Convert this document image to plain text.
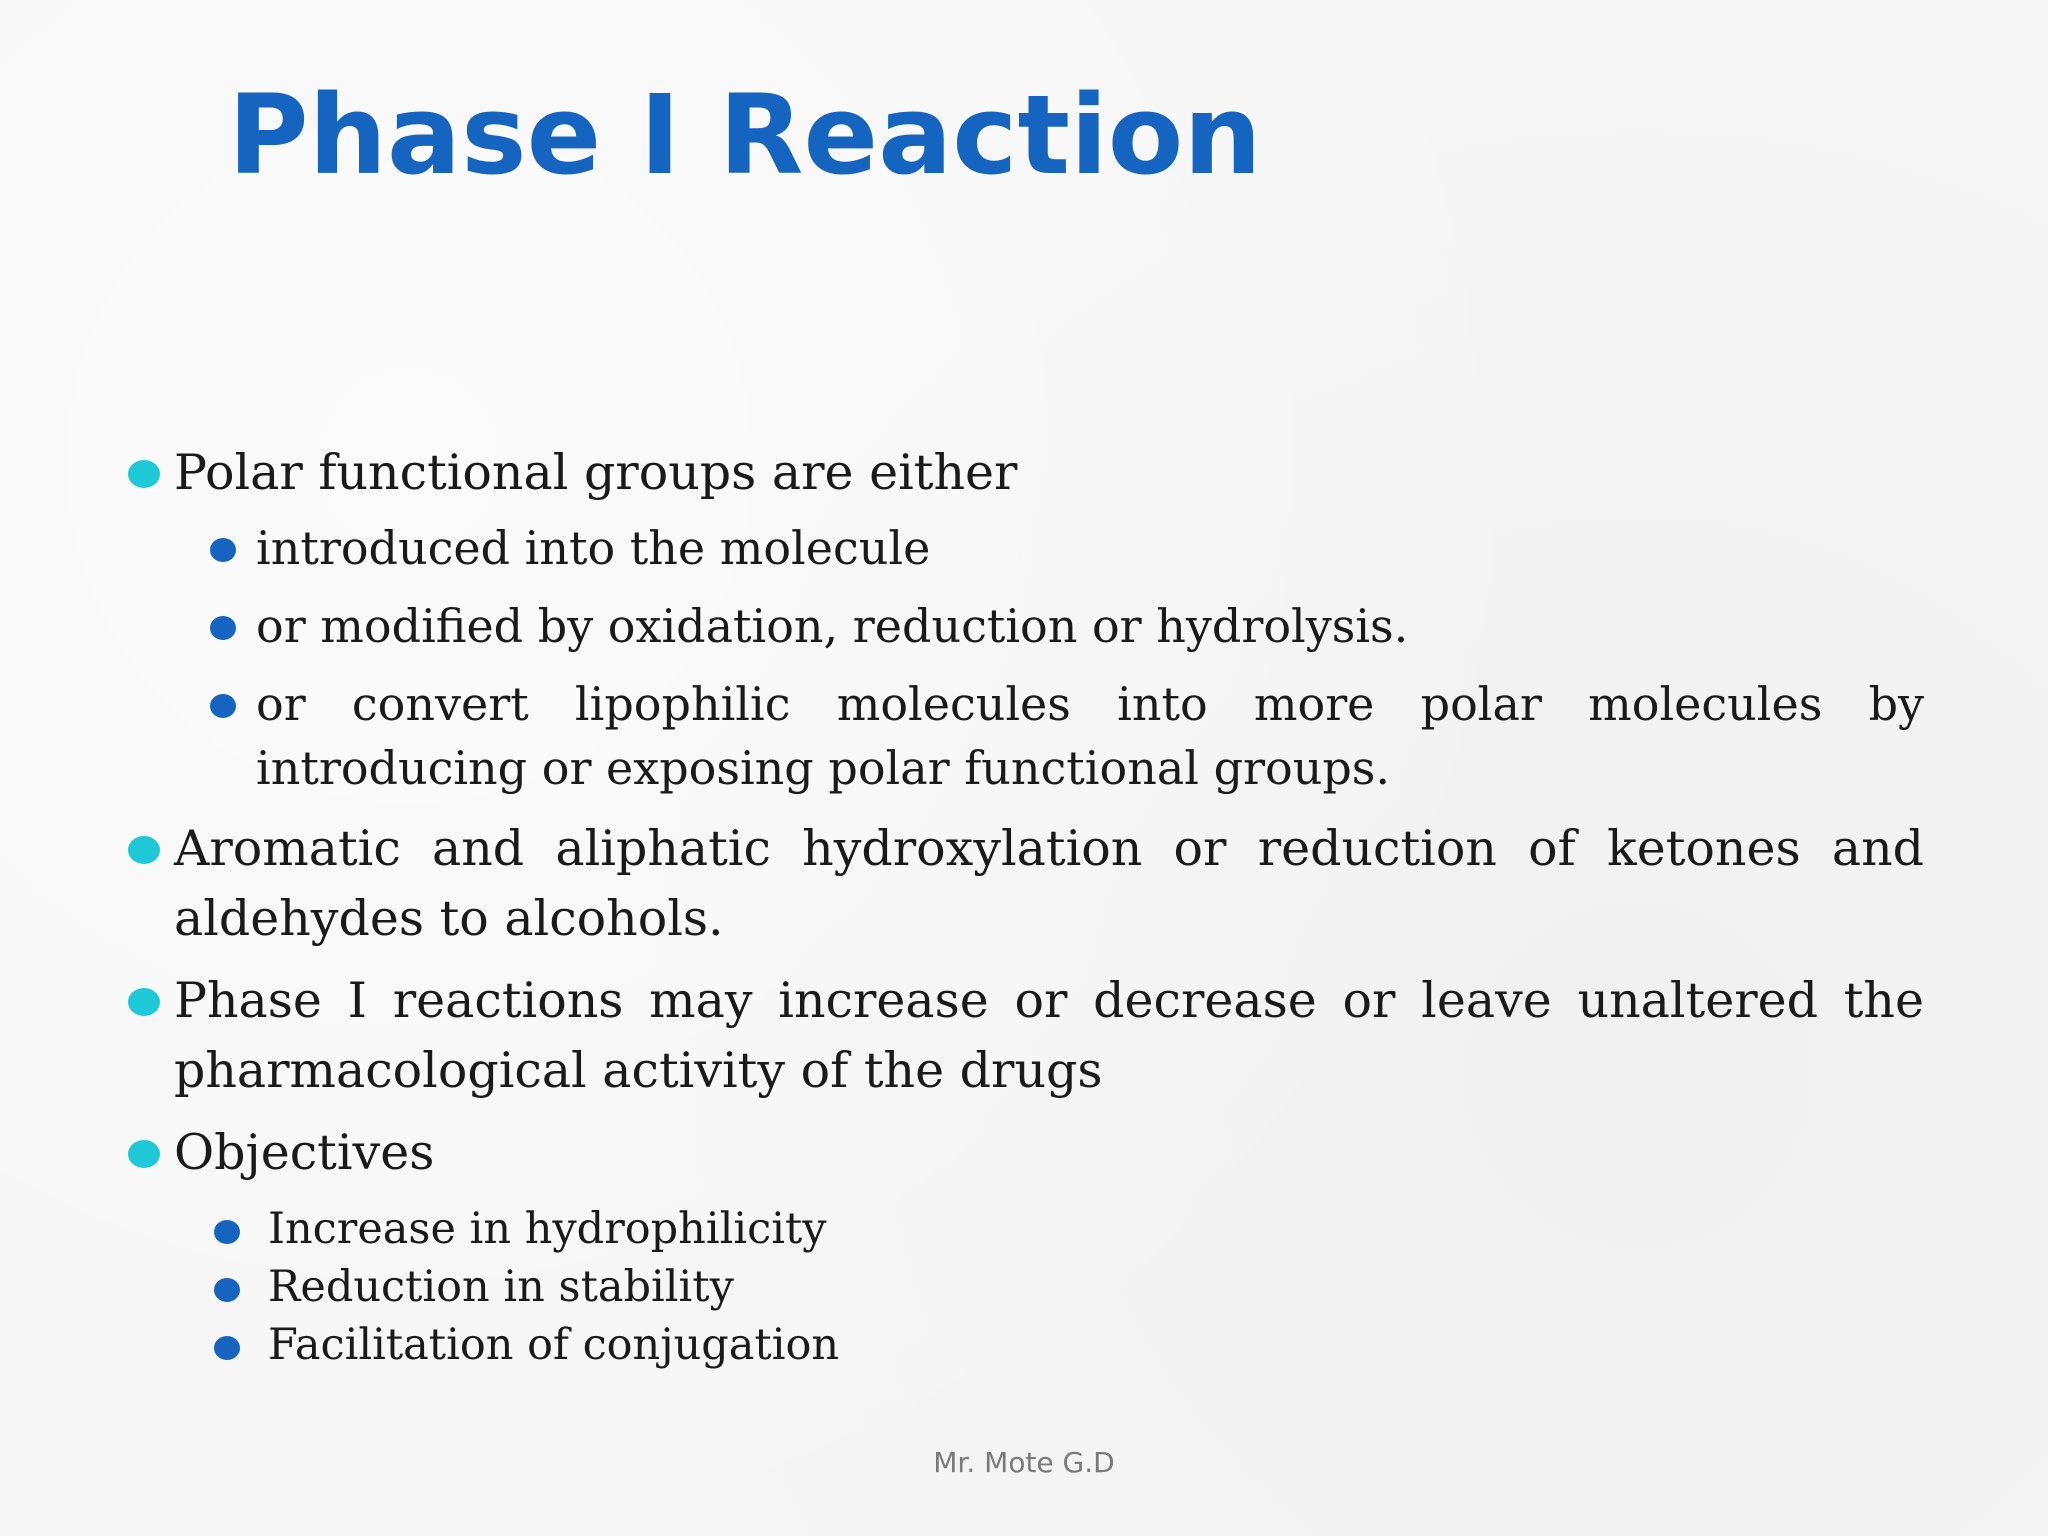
Phase I Reaction
Polar functional groups are either
introduced into the molecule
or modified by oxidation, reduction or hydrolysis.
or convert lipophilic molecules into more polar molecules by introducing or exposing polar functional groups.
Aromatic and aliphatic hydroxylation or reduction of ketones and aldehydes to alcohols.
Phase I reactions may increase or decrease or leave unaltered the pharmacological activity of the drugs
Objectives
Increase in hydrophilicity
Reduction in stability
Facilitation of conjugation
Mr. Mote G.D
